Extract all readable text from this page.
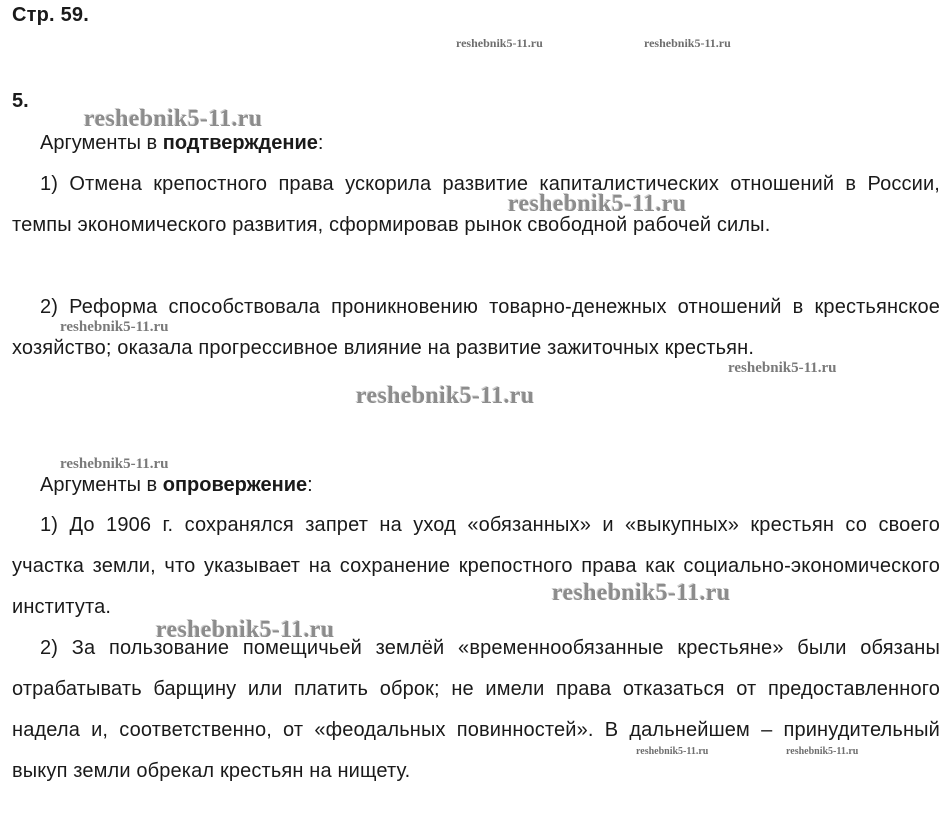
Стр. 59.
5.
Аргументы в подтверждение:
1) Отмена крепостного права ускорила развитие капиталистических отношений в России, темпы экономического развития, сформировав рынок свободной рабочей силы.
2) Реформа способствовала проникновению товарно-денежных отношений в крестьянское хозяйство; оказала прогрессивное влияние на развитие зажиточных крестьян.
Аргументы в опровержение:
1) До 1906 г. сохранялся запрет на уход «обязанных» и «выкупных» крестьян со своего участка земли, что указывает на сохранение крепостного права как социально-экономического института.
2) За пользование помещичьей землёй «временнообязанные крестьяне» были обязаны отрабатывать барщину или платить оброк; не имели права отказаться от предоставленного надела и, соответственно, от «феодальных повинностей». В дальнейшем – принудительный выкуп земли обрекал крестьян на нищету.
reshebnik5-11.ru	reshebnik5-11.ru
reshebnik5-11.ru
reshebnik5-11.ru
reshebnik5-11.ru
reshebnik5-11.ru
reshebnik5-11.ru
reshebnik5-11.ru
reshebnik5-11.ru
reshebnik5-11.ru
reshebnik5-11.ru	reshebnik5-11.ru
